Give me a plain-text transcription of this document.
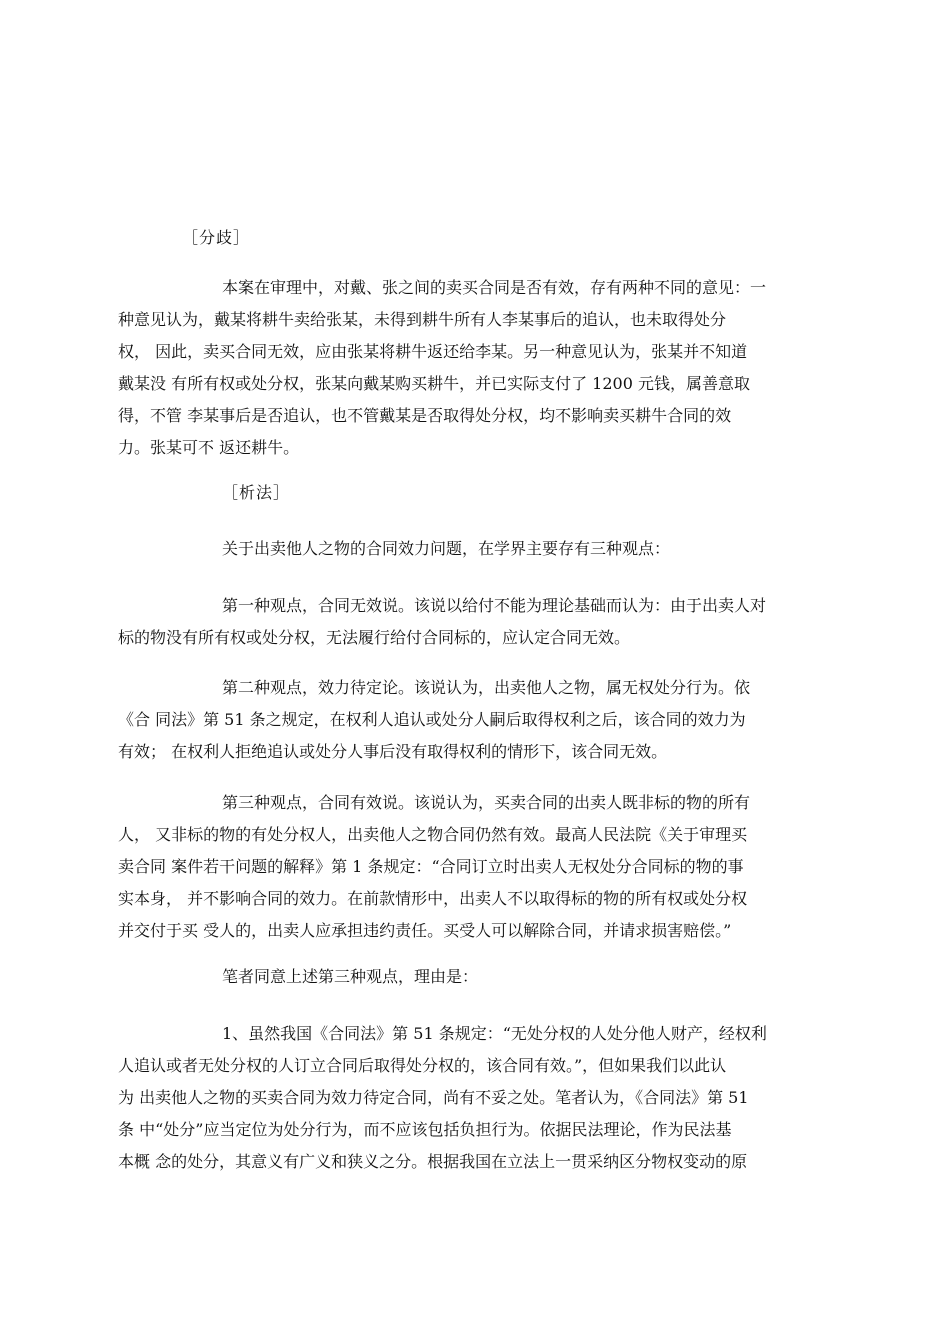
［分歧］
本案在审理中，对戴、张之间的卖买合同是否有效，存有两种不同的意见：一
种意见认为，戴某将耕牛卖给张某，未得到耕牛所有人李某事后的追认，也未取得处分
权， 因此，卖买合同无效，应由张某将耕牛返还给李某。另一种意见认为，张某并不知道
戴某没 有所有权或处分权，张某向戴某购买耕牛，并已实际支付了 1200 元钱，属善意取
得，不管 李某事后是否追认，也不管戴某是否取得处分权，均不影响卖买耕牛合同的效
力。张某可不 返还耕牛。
［析法］
关于出卖他人之物的合同效力问题，在学界主要存有三种观点：
第一种观点，合同无效说。该说以给付不能为理论基础而认为：由于出卖人对
标的物没有所有权或处分权，无法履行给付合同标的，应认定合同无效。
第二种观点，效力待定论。该说认为，出卖他人之物，属无权处分行为。依
《合 同法》第 51 条之规定，在权利人追认或处分人嗣后取得权利之后，该合同的效力为
有效； 在权利人拒绝追认或处分人事后没有取得权利的情形下，该合同无效。
第三种观点，合同有效说。该说认为，买卖合同的出卖人既非标的物的所有
人， 又非标的物的有处分权人，出卖他人之物合同仍然有效。最高人民法院《关于审理买
卖合同 案件若干问题的解释》第 1 条规定：“合同订立时出卖人无权处分合同标的物的事
实本身， 并不影响合同的效力。在前款情形中，出卖人不以取得标的物的所有权或处分权
并交付于买 受人的，出卖人应承担违约责任。买受人可以解除合同，并请求损害赔偿。”
笔者同意上述第三种观点，理由是：
1、虽然我国《合同法》第 51 条规定：“无处分权的人处分他人财产，经权利
人追认或者无处分权的人订立合同后取得处分权的，该合同有效。”，但如果我们以此认
为 出卖他人之物的买卖合同为效力待定合同，尚有不妥之处。笔者认为，《合同法》第 51
条 中“处分”应当定位为处分行为，而不应该包括负担行为。依据民法理论，作为民法基
本概 念的处分，其意义有广义和狭义之分。根据我国在立法上一贯采纳区分物权变动的原
